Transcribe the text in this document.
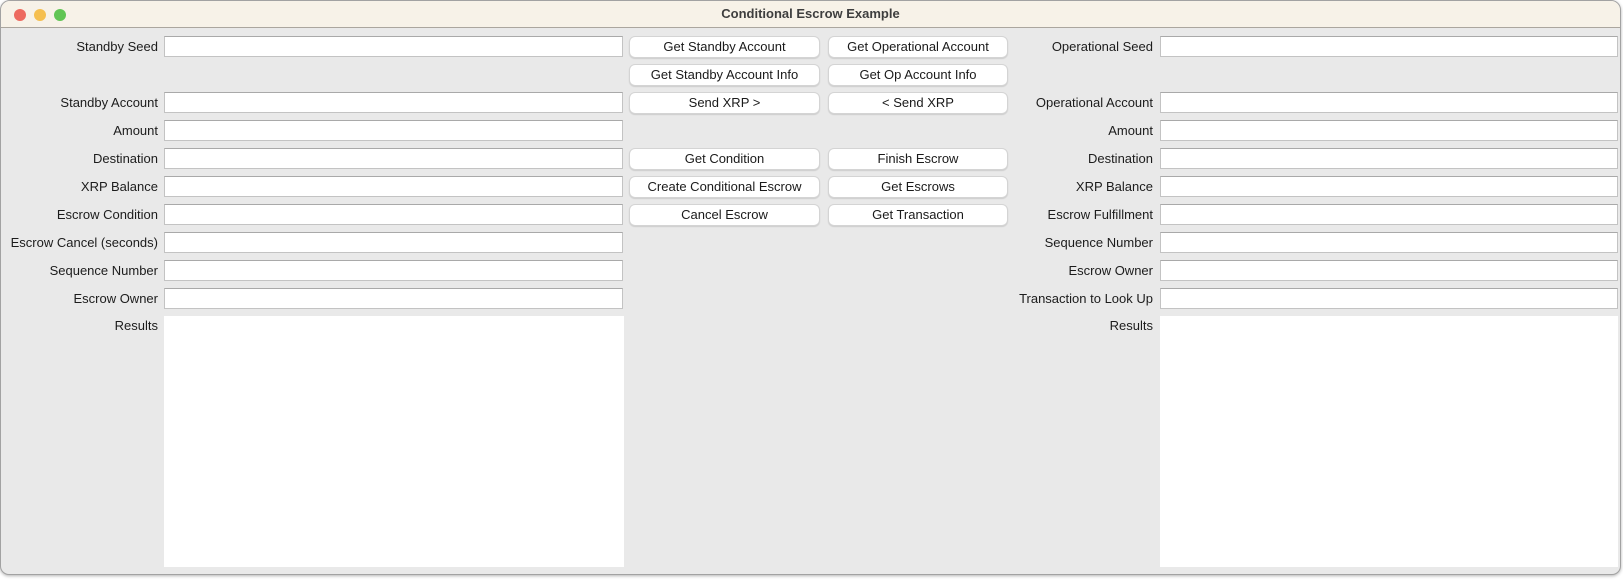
Conditional Escrow Example
Standby Seed
Standby Account
Amount
Destination
XRP Balance
Escrow Condition
Escrow Cancel (seconds)
Sequence Number
Escrow Owner
Results
Get Standby Account
Get Standby Account Info
Send XRP >
Get Condition
Create Conditional Escrow
Cancel Escrow
Get Operational Account
Get Op Account Info
< Send XRP
Finish Escrow
Get Escrows
Get Transaction
Operational Seed
Operational Account
Amount
Destination
XRP Balance
Escrow Fulfillment
Sequence Number
Escrow Owner
Transaction to Look Up
Results
